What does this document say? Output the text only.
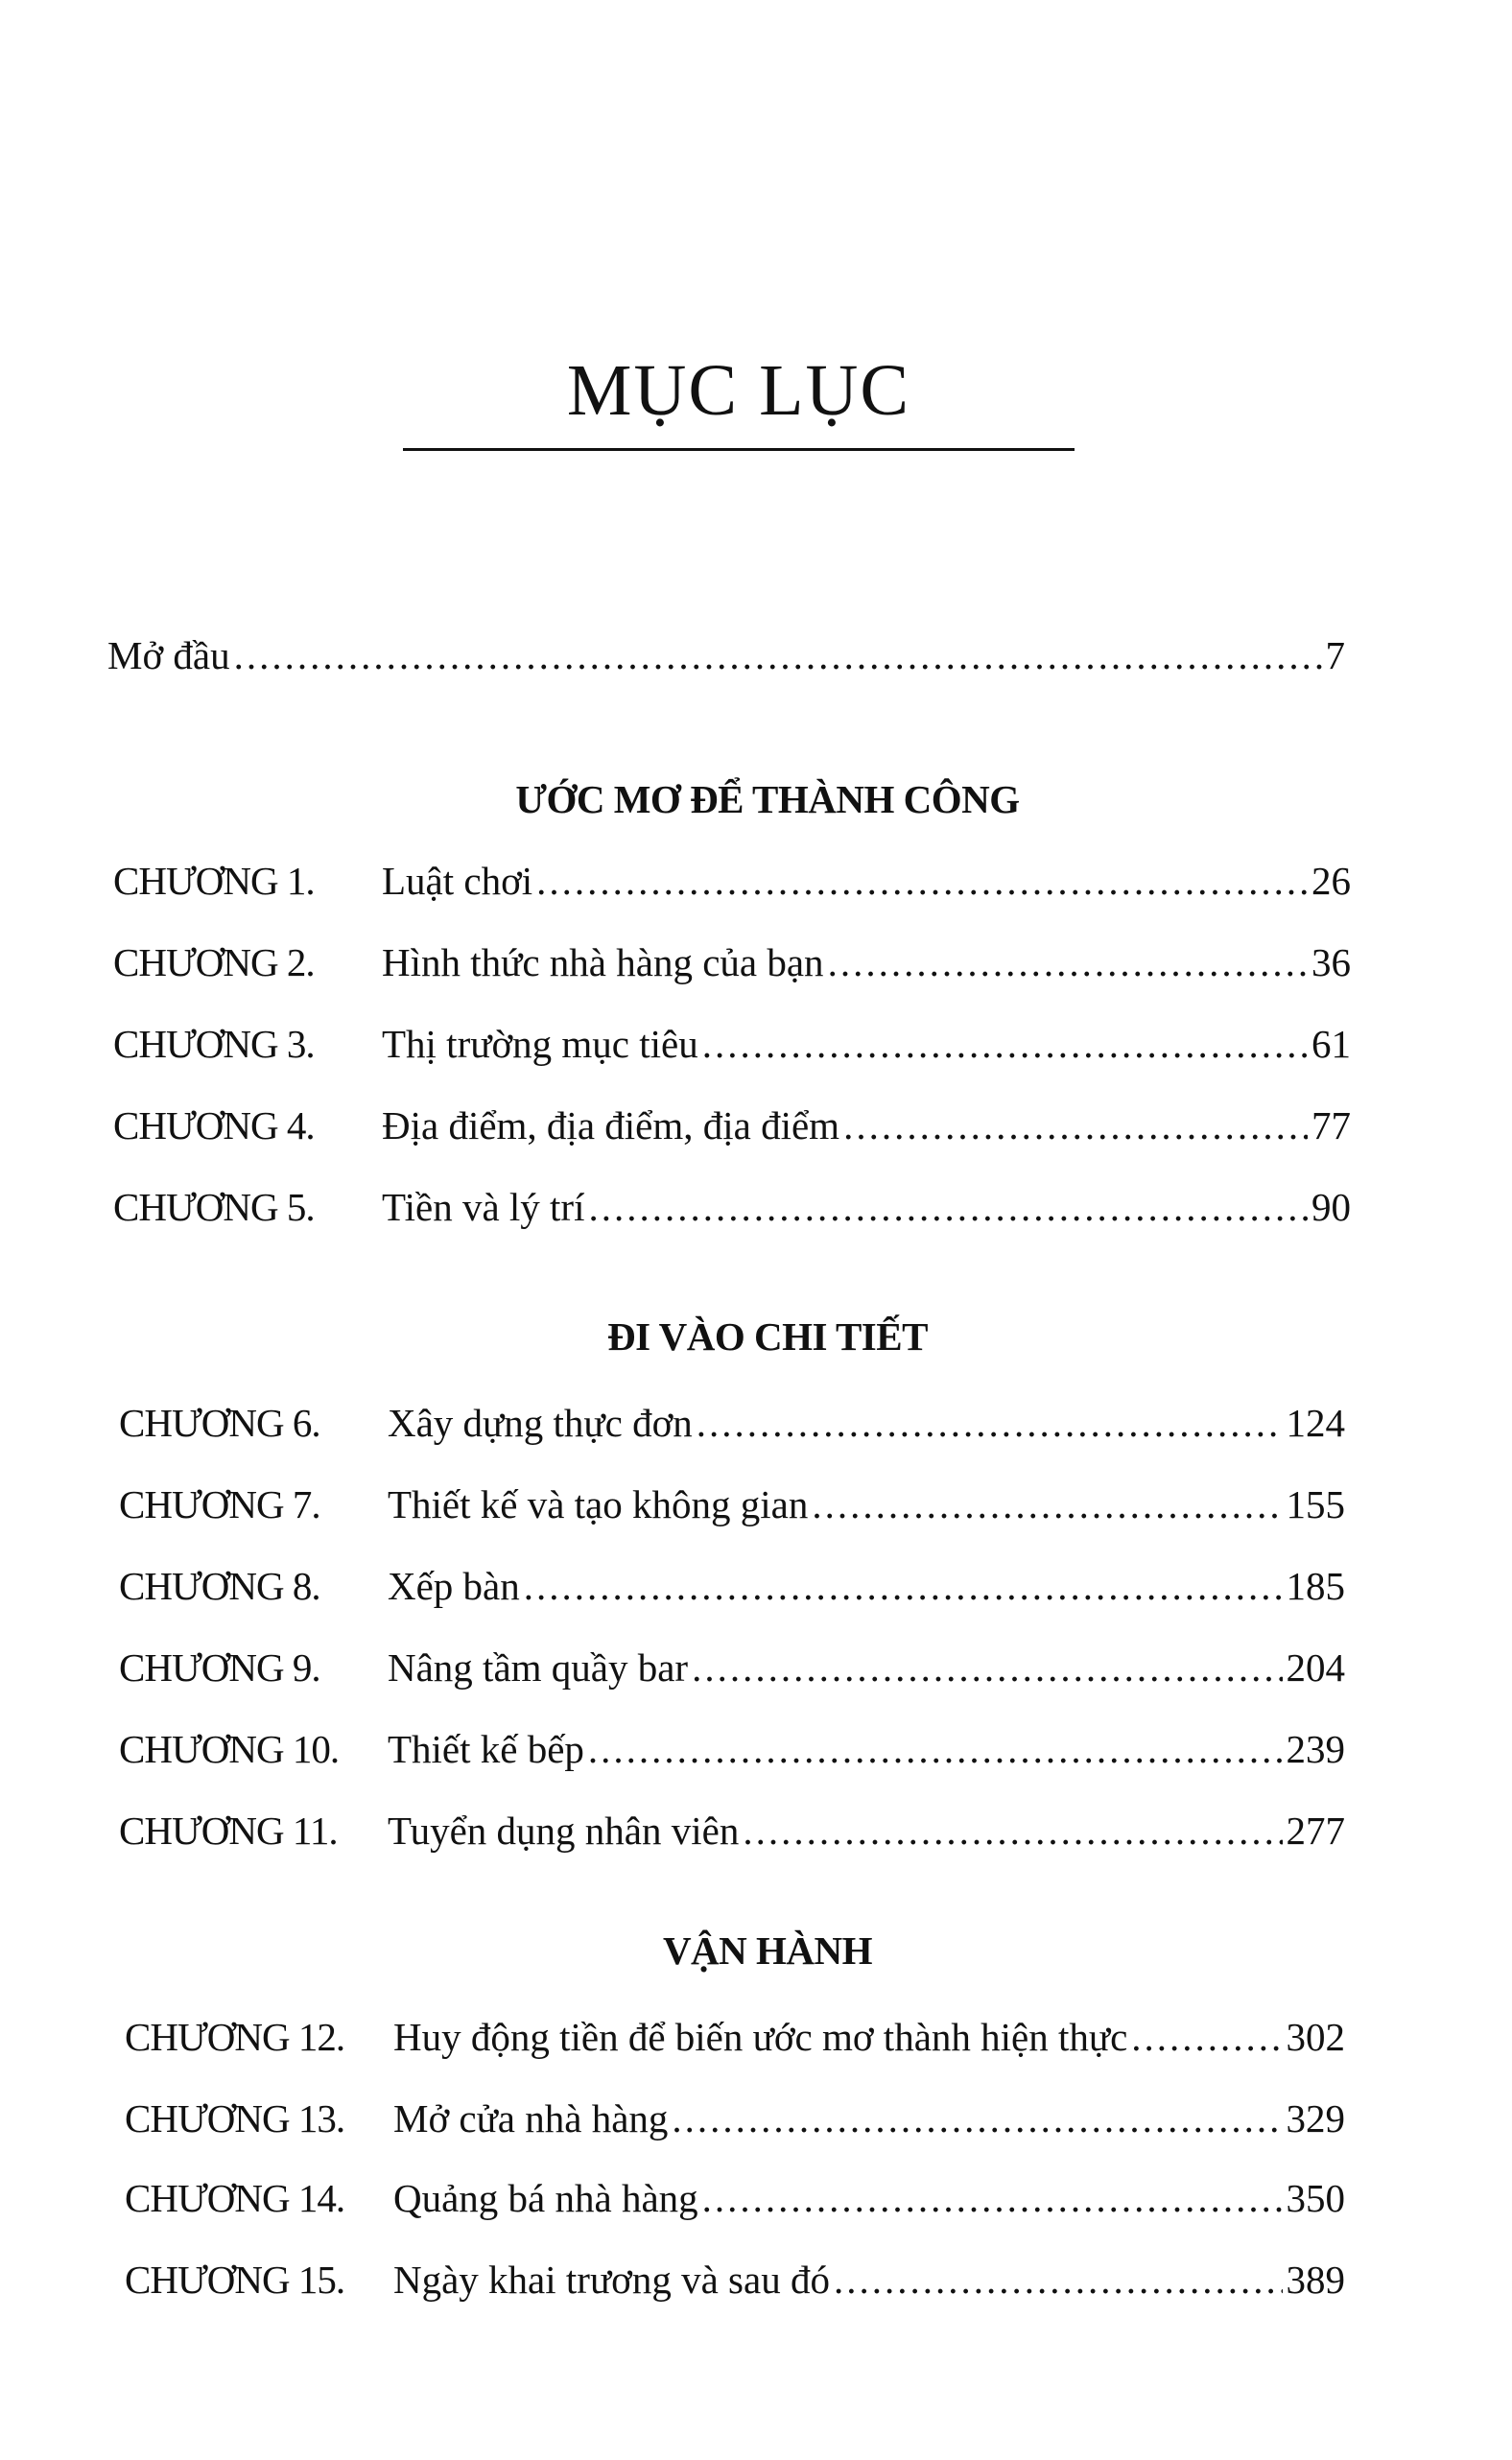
MỤC LỤC
Mở đầu .....	7
ƯỚC MƠ ĐỂ THÀNH CÔNG
CHƯƠNG 1.	Luật chơi .....	26
CHƯƠNG 2.	Hình thức nhà hàng của bạn .....	36
CHƯƠNG 3.	Thị trường mục tiêu .....	61
CHƯƠNG 4.	Địa điểm, địa điểm, địa điểm .....	77
CHƯƠNG 5.	Tiền và lý trí .....	90
ĐI VÀO CHI TIẾT
CHƯƠNG 6.	Xây dựng thực đơn .....	124
CHƯƠNG 7.	Thiết kế và tạo không gian .....	155
CHƯƠNG 8.	Xếp bàn .....	185
CHƯƠNG 9.	Nâng tầm quầy bar .....	204
CHƯƠNG 10.	Thiết kế bếp .....	239
CHƯƠNG 11.	Tuyển dụng nhân viên .....	277
VẬN HÀNH
CHƯƠNG 12.	Huy động tiền để biến ước mơ thành hiện thực .....	302
CHƯƠNG 13.	Mở cửa nhà hàng .....	329
CHƯƠNG 14.	Quảng bá nhà hàng .....	350
CHƯƠNG 15.	Ngày khai trương và sau đó .....	389
